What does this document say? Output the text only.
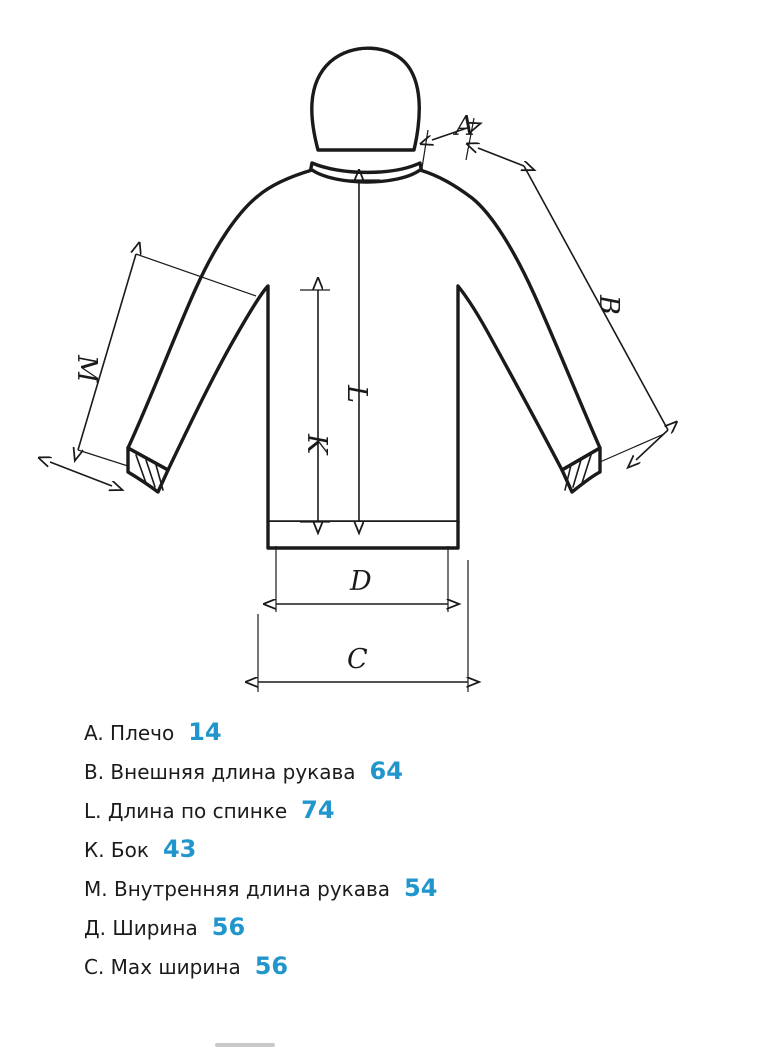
A
B
L
K
M
D
C
A. Плечо 14
B. Внешняя длина рукава 64
L. Длина по спинке 74
К. Бок 43
M. Внутренняя длина рукава 54
Д. Ширина 56
C. Max ширина 56
